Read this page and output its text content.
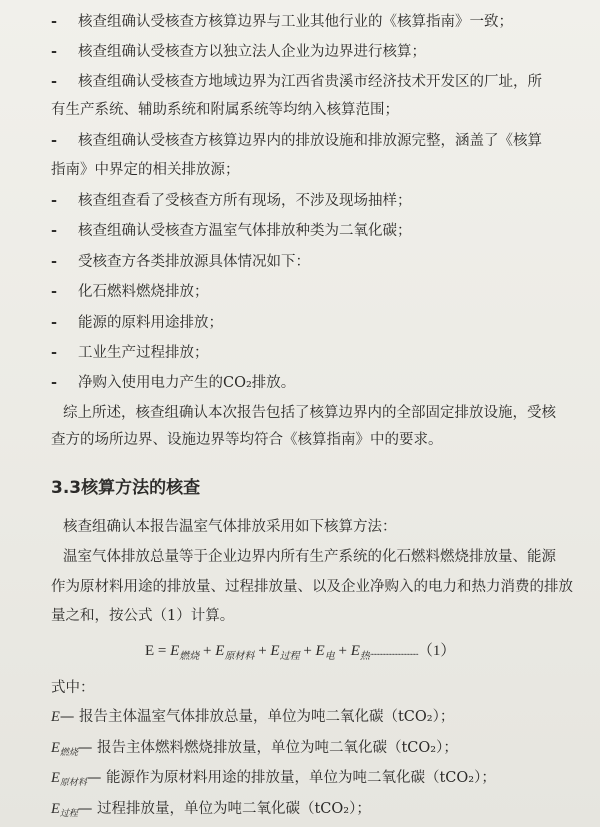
- 核查组确认受核查方核算边界与工业其他行业的《核算指南》一致；
- 核查组确认受核查方以独立法人企业为边界进行核算；
- 核查组确认受核查方地域边界为江西省贵溪市经济技术开发区的厂址，所
有生产系统、辅助系统和附属系统等均纳入核算范围；
- 核查组确认受核查方核算边界内的排放设施和排放源完整，涵盖了《核算
指南》中界定的相关排放源；
- 核查组查看了受核查方所有现场，不涉及现场抽样；
- 核查组确认受核查方温室气体排放种类为二氧化碳；
- 受核查方各类排放源具体情况如下：
- 化石燃料燃烧排放；
- 能源的原料用途排放；
- 工业生产过程排放；
- 净购入使用电力产生的CO₂排放。
综上所述，核查组确认本次报告包括了核算边界内的全部固定排放设施，受核
查方的场所边界、设施边界等均符合《核算指南》中的要求。
3.3核算方法的核查
核查组确认本报告温室气体排放采用如下核算方法：
温室气体排放总量等于企业边界内所有生产系统的化石燃料燃烧排放量、能源
作为原材料用途的排放量、过程排放量、以及企业净购入的电力和热力消费的排放
量之和，按公式（1）计算。
$E = E_{燃烧} + E_{原材料} + E_{过程} + E_电 + E_热................................(1)$
式中：
E— 报告主体温室气体排放总量，单位为吨二氧化碳（tCO₂）；
$E_{燃烧}—$ 报告主体燃料燃烧排放量，单位为吨二氧化碳（tCO₂）；
$E_{原材料}—$ 能源作为原材料用途的排放量，单位为吨二氧化碳（tCO₂）；
$E_{过程}—$ 过程排放量，单位为吨二氧化碳（tCO₂）；
